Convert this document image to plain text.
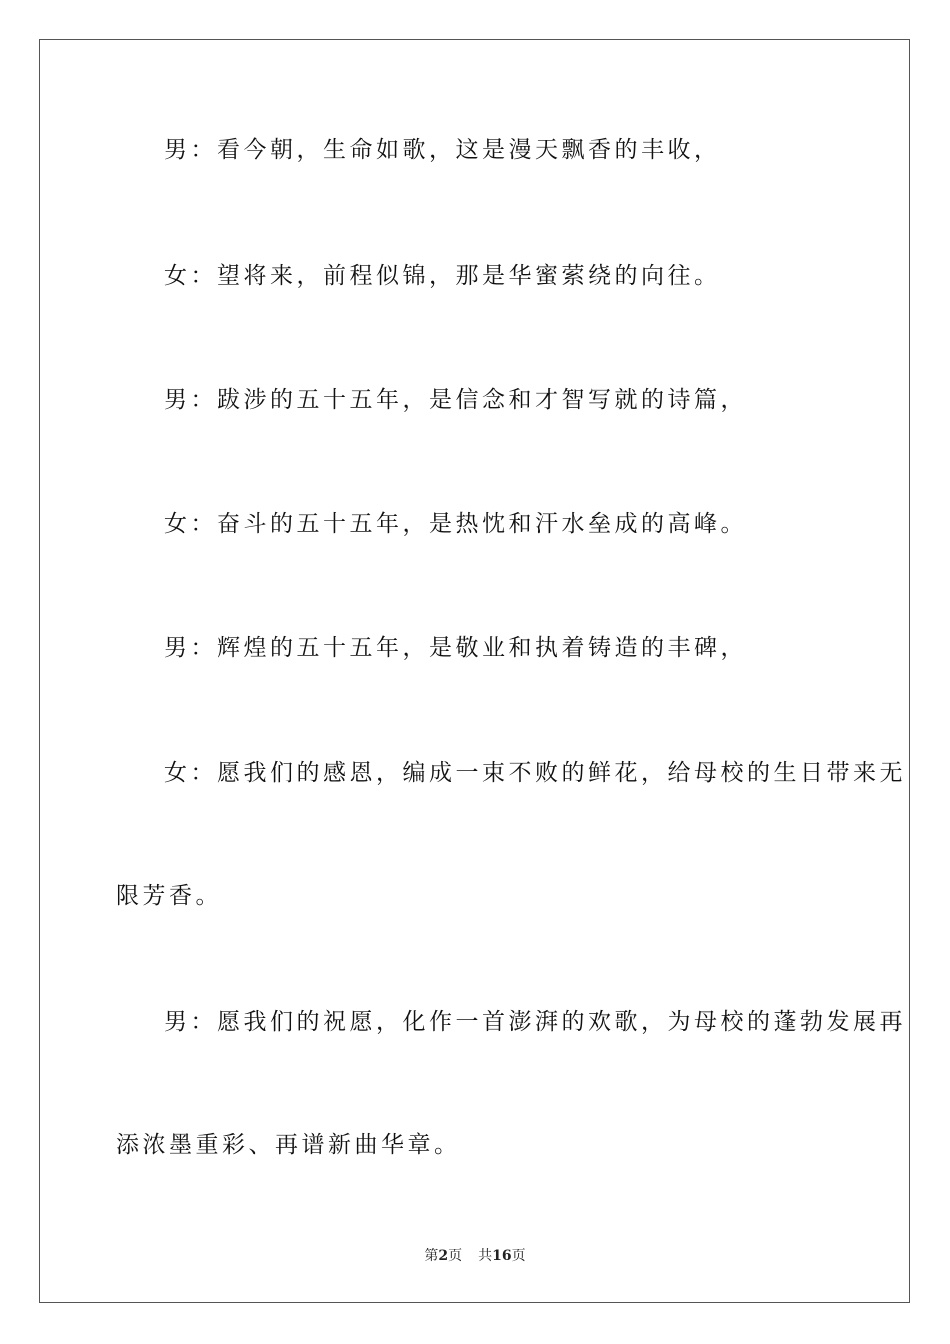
男：看今朝，生命如歌，这是漫天飘香的丰收，
女：望将来，前程似锦，那是华蜜萦绕的向往。
男：跋涉的五十五年，是信念和才智写就的诗篇，
女：奋斗的五十五年，是热忱和汗水垒成的高峰。
男：辉煌的五十五年，是敬业和执着铸造的丰碑，
女：愿我们的感恩，编成一束不败的鲜花，给母校的生日带来无
限芳香。
男：愿我们的祝愿，化作一首澎湃的欢歌，为母校的蓬勃发展再
添浓墨重彩、再谱新曲华章。
第2页 共16页
